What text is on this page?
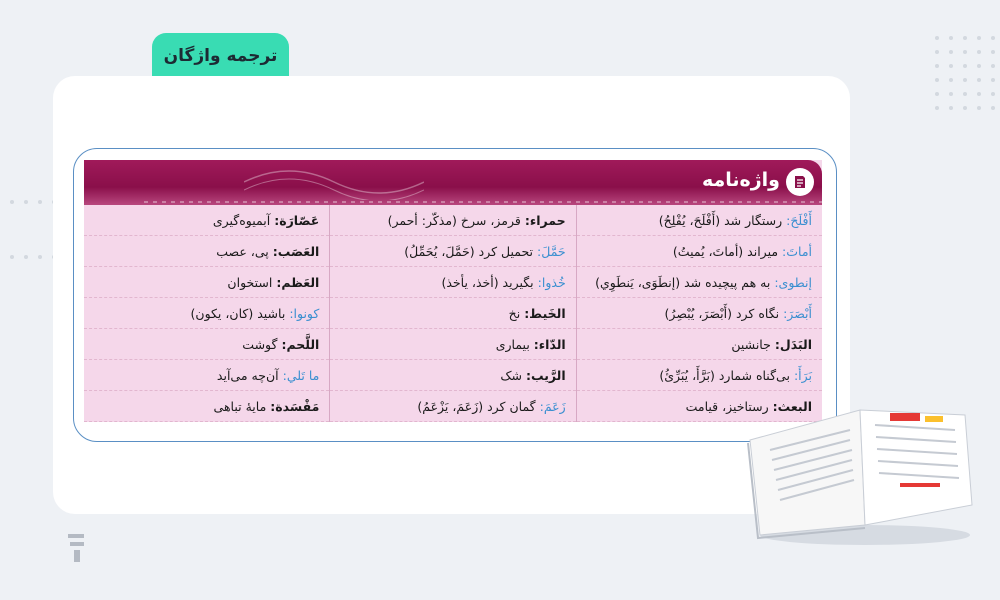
ترجمه واژگان
واژه‌نامه
أَفْلَحَ:
رستگار شد (أَفْلَحَ، يُفْلِحُ)
أماتَ:
میراند (أماتَ، يُميتُ)
إنطوى:
به هم پیچیده شد (إنطَوَى، يَنطَوِي)
أَبْصَرَ:
نگاه کرد (أَبْصَرَ، يُبْصِرُ)
البَدَل:
جانشین
بَرَأَ:
بی‌گناه شمارد (بَرَّأَ، يُبَرِّئُ)
البعث:
رستاخیز، قیامت
حمراء:
قرمز، سرخ (مذكّر: أحمر)
حَمَّلَ:
تحمیل کرد (حَمَّلَ، يُحَمِّلُ)
خُذوا:
بگیرید (أخذ، يأخذ)
الخَيط:
نخ
الدّاء:
بیماری
الرَّيب:
شک
زَعَمَ:
گمان کرد (زَعَمَ، يَزْعَمُ)
عَصّارَة:
آبمیوه‌گیری
العَصَب:
پی، عصب
العَظم:
استخوان
كونوا:
باشید (کان، یکون)
اللَّحم:
گوشت
ما تَلي:
آن‌چه می‌آید
مَفْسَدة:
مایهٔ تباهی
